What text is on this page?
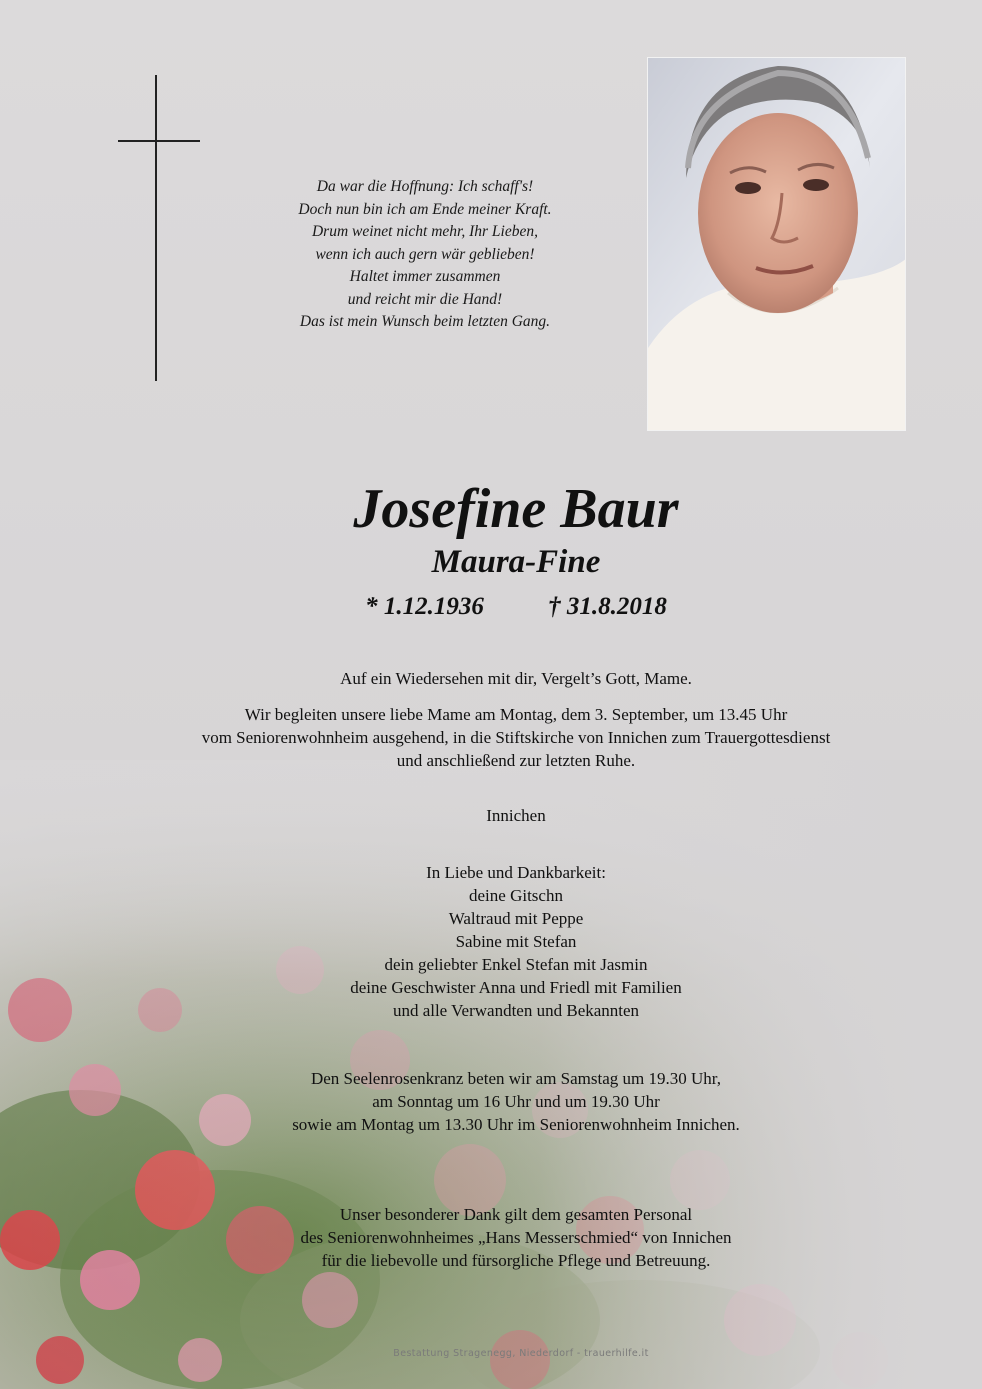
Da war die Hoffnung: Ich schaff's!
Doch nun bin ich am Ende meiner Kraft.
Drum weinet nicht mehr, Ihr Lieben,
wenn ich auch gern wär geblieben!
Haltet immer zusammen
und reicht mir die Hand!
Das ist mein Wunsch beim letzten Gang.
Josefine Baur
Maura-Fine
* 1.12.1936	† 31.8.2018
Auf ein Wiedersehen mit dir, Vergelt’s Gott, Mame.
Wir begleiten unsere liebe Mame am Montag, dem 3. September, um 13.45 Uhr
vom Seniorenwohnheim ausgehend, in die Stiftskirche von Innichen zum Trauergottesdienst
und anschließend zur letzten Ruhe.
Innichen
In Liebe und Dankbarkeit:
deine Gitschn
Waltraud mit Peppe
Sabine mit Stefan
dein geliebter Enkel Stefan mit Jasmin
deine Geschwister Anna und Friedl mit Familien
und alle Verwandten und Bekannten
Den Seelenrosenkranz beten wir am Samstag um 19.30 Uhr,
am Sonntag um 16 Uhr und um 19.30 Uhr
sowie am Montag um 13.30 Uhr im Seniorenwohnheim Innichen.
Unser besonderer Dank gilt dem gesamten Personal
des Seniorenwohnheimes „Hans Messerschmied“ von Innichen
für die liebevolle und fürsorgliche Pflege und Betreuung.
Bestattung Stragenegg, Niederdorf - trauerhilfe.it
